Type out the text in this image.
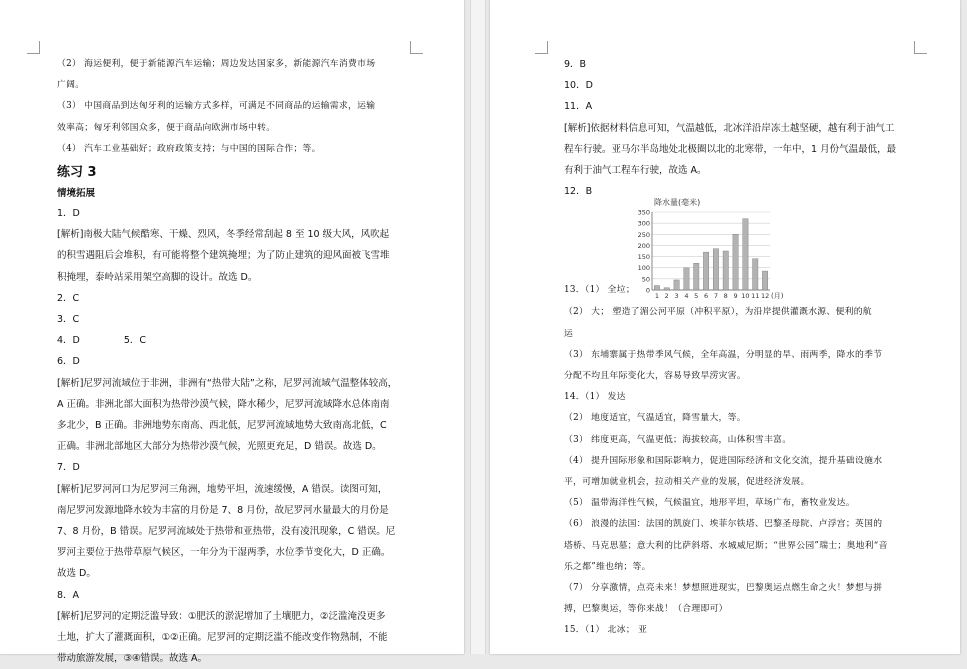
（2） 海运便利，便于新能源汽车运输；周边发达国家多，新能源汽车消费市场
广阔。
（3） 中国商品到达匈牙利的运输方式多样，可满足不同商品的运输需求，运输
效率高；匈牙利邻国众多，便于商品向欧洲市场中转。
（4） 汽车工业基础好；政府政策支持；与中国的国际合作；等。
练习 3
情境拓展
1．D
[解析]南极大陆气候酷寒、干燥、烈风，冬季经常刮起 8 至 10 级大风，风吹起
的积雪遇阻后会堆积，有可能将整个建筑掩埋；为了防止建筑的迎风面被飞雪堆
积掩埋，泰岭站采用架空高脚的设计。故选 D。
2．C
3．C
4．D	5．C
6．D
[解析]尼罗河流域位于非洲，非洲有“热带大陆”之称，尼罗河流域气温整体较高，
A 正确。非洲北部大面积为热带沙漠气候，降水稀少，尼罗河流域降水总体南南
多北少，B 正确。非洲地势东南高、西北低，尼罗河流域地势大致南高北低，C
正确。非洲北部地区大部分为热带沙漠气候，光照更充足，D 错误。故选 D。
7．D
[解析]尼罗河河口为尼罗河三角洲，地势平坦，流速缓慢，A 错误。读图可知，
南尼罗河发源地降水较为丰富的月份是 7、8 月份，故尼罗河水量最大的月份是
7、8 月份，B 错误。尼罗河流域处于热带和亚热带，没有凌汛现象，C 错误。尼
罗河主要位于热带草原气候区，一年分为干湿两季，水位季节变化大，D 正确。
故选 D。
8．A
[解析]尼罗河的定期泛滥导致：①肥沃的淤泥增加了土壤肥力，②泛滥淹没更多
土地，扩大了灌溉面积，①②正确。尼罗河的定期泛滥不能改变作物熟制，不能
带动旅游发展，③④错误。故选 A。
9．B
10．D
11．A
[解析]依据材料信息可知，气温越低，北冰洋沿岸冻土越坚硬，越有利于油气工
程车行驶。亚马尔半岛地处北极圈以北的北寒带，一年中，1 月份气温最低，最
有利于油气工程车行驶，故选 A。
12．B
降水量(毫米)
0
50
100
150
200
250
300
350
1 2 3 4 5 6 7 8 9 10 11 12 (月)
13．（1） 全垃；
（2） 大； 塑造了湄公河平原（冲积平原），为沿岸提供灌溉水源、便利的航
运
（3） 东埔寨属于热带季风气候，全年高温，分明显的旱、雨两季，降水的季节
分配不均且年际变化大，容易导致旱涝灾害。
14．（1） 发达
（2） 地度适宜，气温适宜，降雪量大，等。
（3） 纬度更高，气温更低；海拔较高，山体积雪丰富。
（4） 提升国际形象和国际影响力，促进国际经济和文化交流，提升基础设施水
平，可增加就业机会，拉动相关产业的发展，促进经济发展。
（5） 温带海洋性气候，气候温宜，地形平坦，草场广布，畜牧业发达。
（6） 浪漫的法国：法国的凯旋门、埃菲尔铁塔、巴黎圣母院、卢浮宫；英国的
塔桥、马克思墓；意大利的比萨斜塔、水城威尼斯；“世界公园”瑞士；奥地利“音
乐之都”维也纳；等。
（7） 分享激情，点亮未来！梦想照进现实，巴黎奥运点燃生命之火！梦想与拼
搏，巴黎奥运，等你来战！（合理即可）
15．（1） 北冰； 亚
